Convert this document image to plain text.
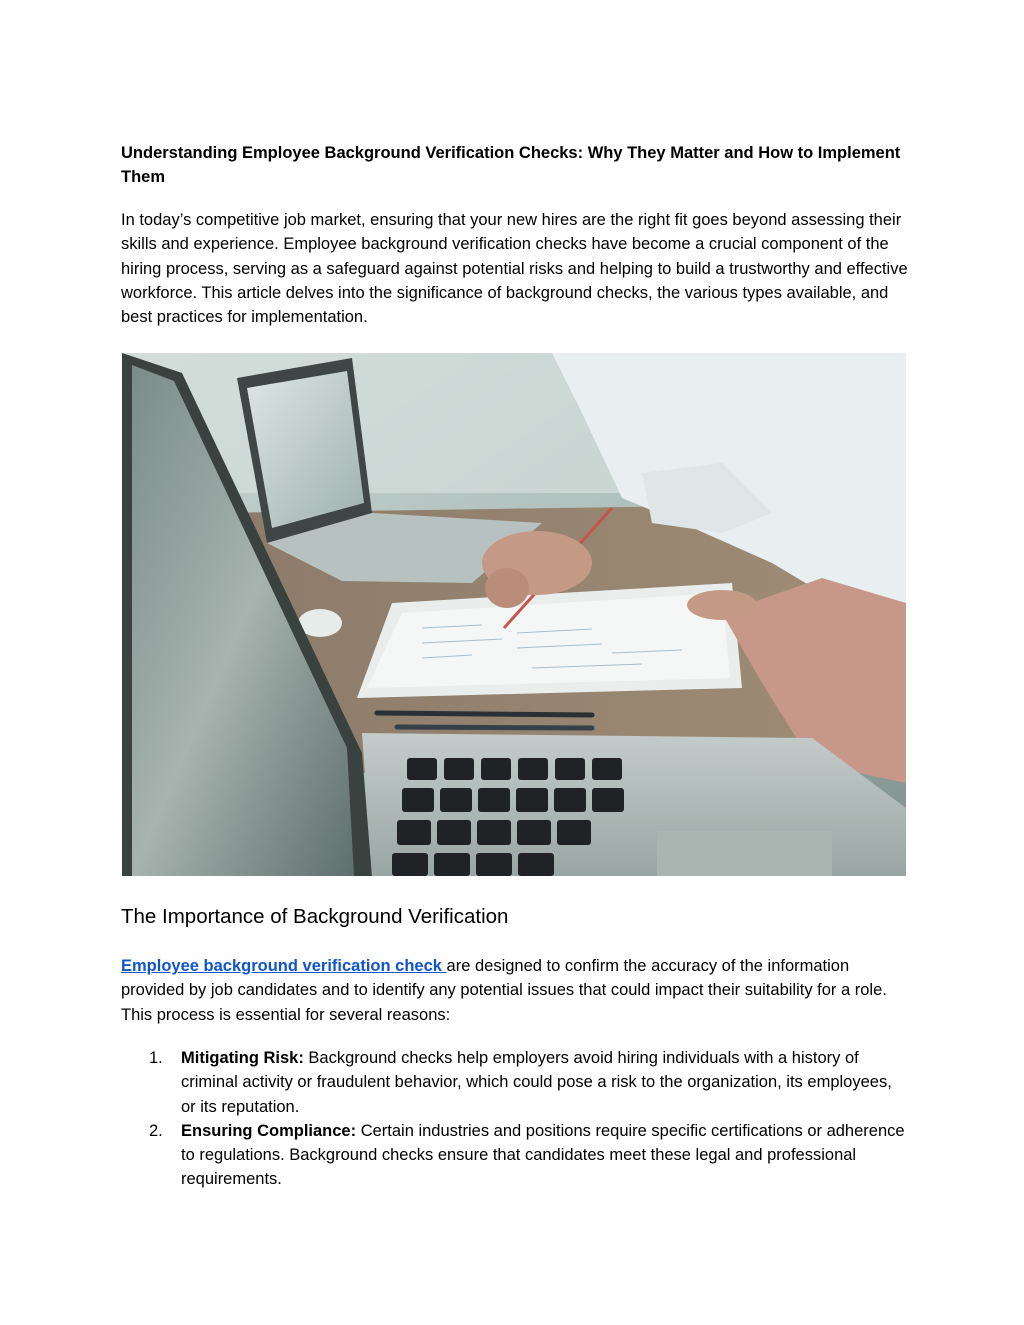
Understanding Employee Background Verification Checks: Why They Matter and How to Implement Them

In today’s competitive job market, ensuring that your new hires are the right fit goes beyond assessing their skills and experience. Employee background verification checks have become a crucial component of the hiring process, serving as a safeguard against potential risks and helping to build a trustworthy and effective workforce. This article delves into the significance of background checks, the various types available, and best practices for implementation.

The Importance of Background Verification

Employee background verification check are designed to confirm the accuracy of the information provided by job candidates and to identify any potential issues that could impact their suitability for a role. This process is essential for several reasons:

1. Mitigating Risk: Background checks help employers avoid hiring individuals with a history of criminal activity or fraudulent behavior, which could pose a risk to the organization, its employees, or its reputation.
2. Ensuring Compliance: Certain industries and positions require specific certifications or adherence to regulations. Background checks ensure that candidates meet these legal and professional requirements.
